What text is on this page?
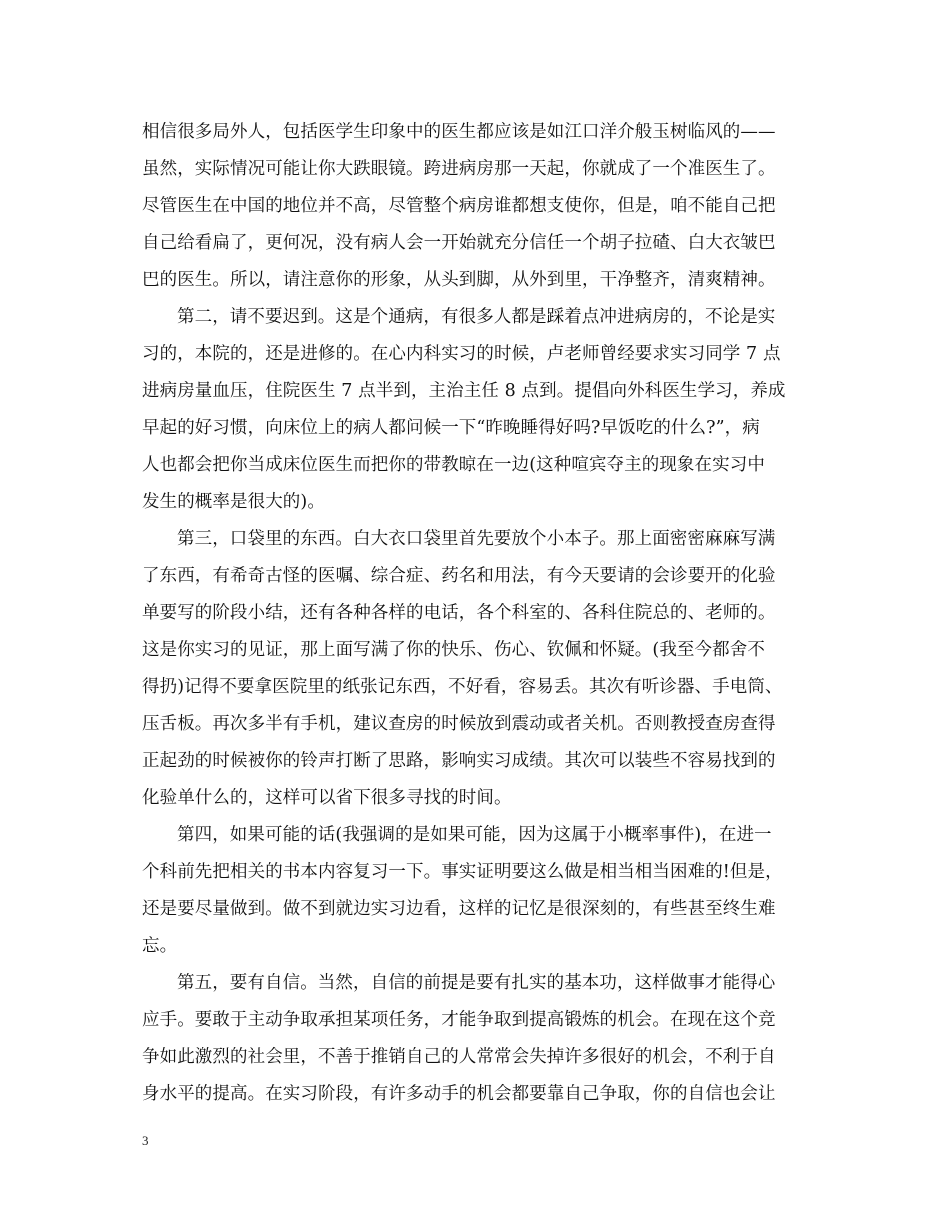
相信很多局外人，包括医学生印象中的医生都应该是如江口洋介般玉树临风的——
虽然，实际情况可能让你大跌眼镜。跨进病房那一天起，你就成了一个准医生了。
尽管医生在中国的地位并不高，尽管整个病房谁都想支使你，但是，咱不能自己把
自己给看扁了，更何况，没有病人会一开始就充分信任一个胡子拉碴、白大衣皱巴
巴的医生。所以，请注意你的形象，从头到脚，从外到里，干净整齐，清爽精神。
第二，请不要迟到。这是个通病，有很多人都是踩着点冲进病房的，不论是实
习的，本院的，还是进修的。在心内科实习的时候，卢老师曾经要求实习同学 7 点
进病房量血压，住院医生 7 点半到，主治主任 8 点到。提倡向外科医生学习，养成
早起的好习惯，向床位上的病人都问候一下“昨晚睡得好吗?早饭吃的什么?”，病
人也都会把你当成床位医生而把你的带教晾在一边(这种喧宾夺主的现象在实习中
发生的概率是很大的)。
第三，口袋里的东西。白大衣口袋里首先要放个小本子。那上面密密麻麻写满
了东西，有希奇古怪的医嘱、综合症、药名和用法，有今天要请的会诊要开的化验
单要写的阶段小结，还有各种各样的电话，各个科室的、各科住院总的、老师的。
这是你实习的见证，那上面写满了你的快乐、伤心、钦佩和怀疑。(我至今都舍不
得扔)记得不要拿医院里的纸张记东西，不好看，容易丢。其次有听诊器、手电筒、
压舌板。再次多半有手机，建议查房的时候放到震动或者关机。否则教授查房查得
正起劲的时候被你的铃声打断了思路，影响实习成绩。其次可以装些不容易找到的
化验单什么的，这样可以省下很多寻找的时间。
第四，如果可能的话(我强调的是如果可能，因为这属于小概率事件)，在进一
个科前先把相关的书本内容复习一下。事实证明要这么做是相当相当困难的!但是，
还是要尽量做到。做不到就边实习边看，这样的记忆是很深刻的，有些甚至终生难
忘。
第五，要有自信。当然，自信的前提是要有扎实的基本功，这样做事才能得心
应手。要敢于主动争取承担某项任务，才能争取到提高锻炼的机会。在现在这个竞
争如此激烈的社会里，不善于推销自己的人常常会失掉许多很好的机会，不利于自
身水平的提高。在实习阶段，有许多动手的机会都要靠自己争取，你的自信也会让
3
